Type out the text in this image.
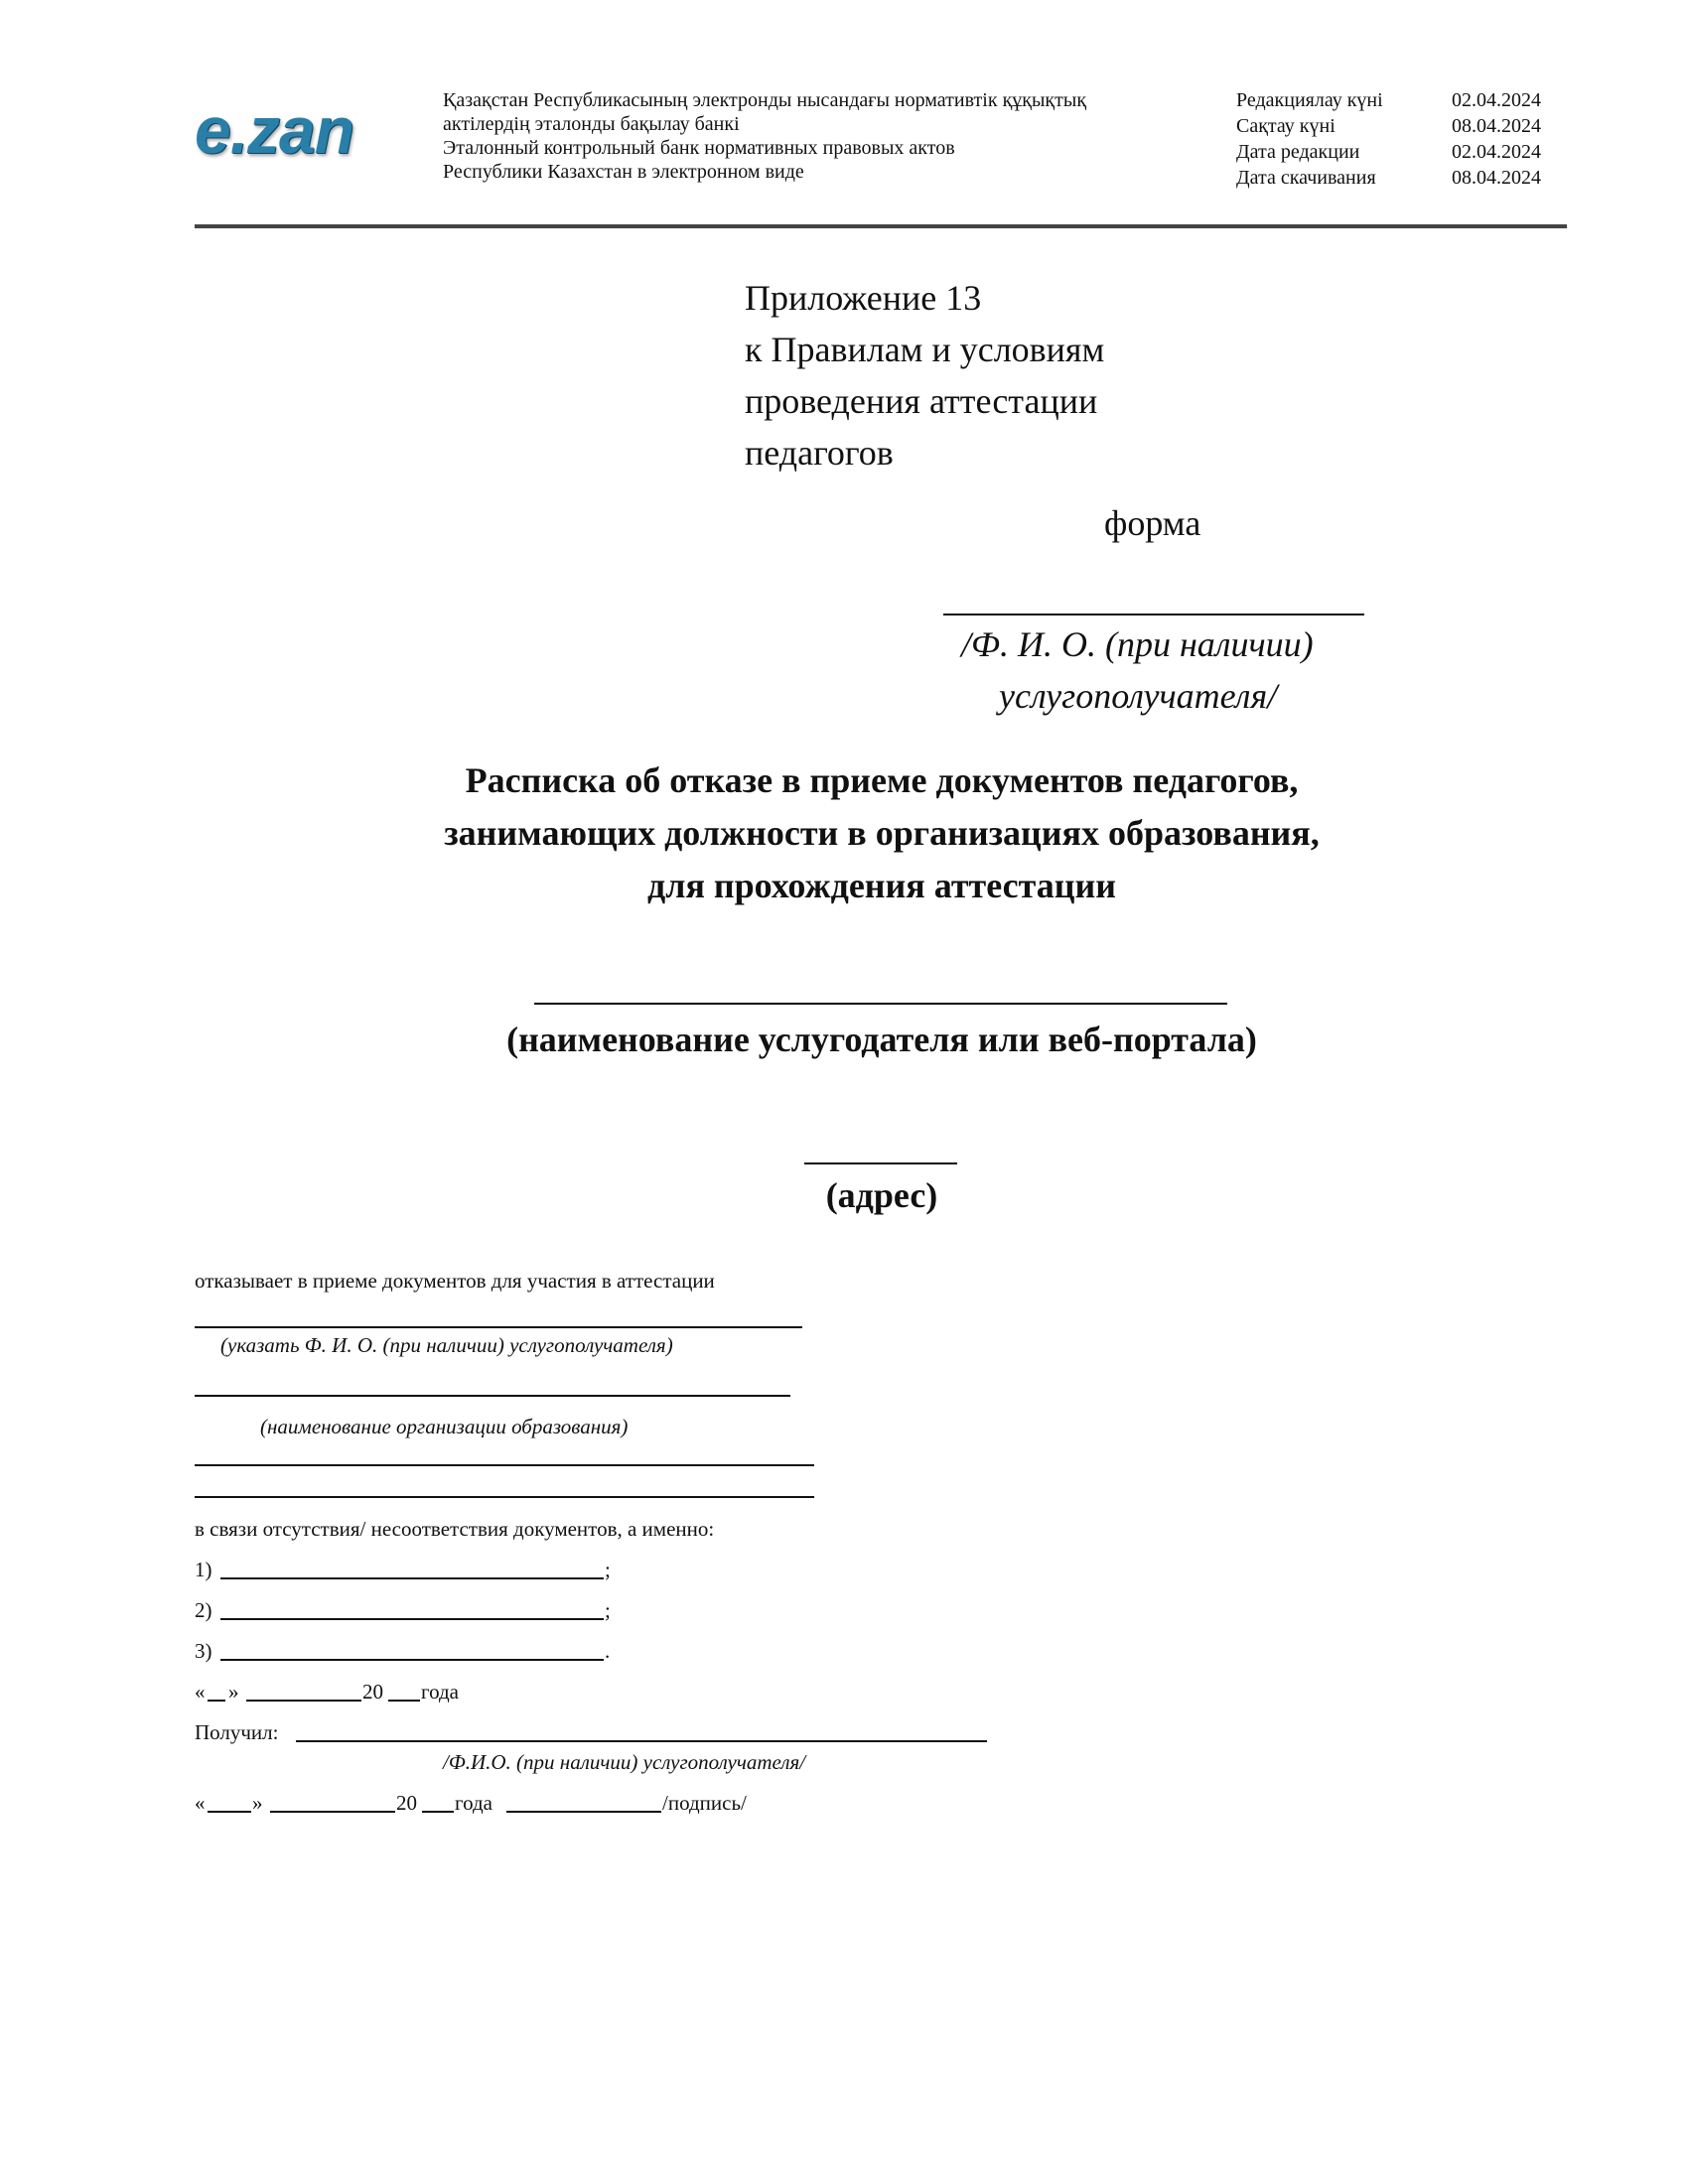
e.zan	Қазақстан Республикасының электронды нысандағы нормативтік құқықтық
актілердің эталонды бақылау банкі
Эталонный контрольный банк нормативных правовых актов
Республики Казахстан в электронном виде
Редакциялау күні	02.04.2024
Сақтау күні	08.04.2024
Дата редакции	02.04.2024
Дата скачивания	08.04.2024
Приложение 13
к Правилам и условиям
проведения аттестации
педагогов
форма
/Ф. И. О. (при наличии)
услугополучателя/
Расписка об отказе в приеме документов педагогов,
занимающих должности в организациях образования,
для прохождения аттестации
(наименование услугодателя или веб-портала)
(адрес)
отказывает в приеме документов для участия в аттестации
(указать Ф. И. О. (при наличии) услугополучателя)
(наименование организации образования)
в связи отсутствия/ несоответствия документов, а именно:
1)	;
2)	;
3)	.
« »	20 года
Получил:
/Ф.И.О. (при наличии) услугополучателя/
« »	20 года	/подпись/
